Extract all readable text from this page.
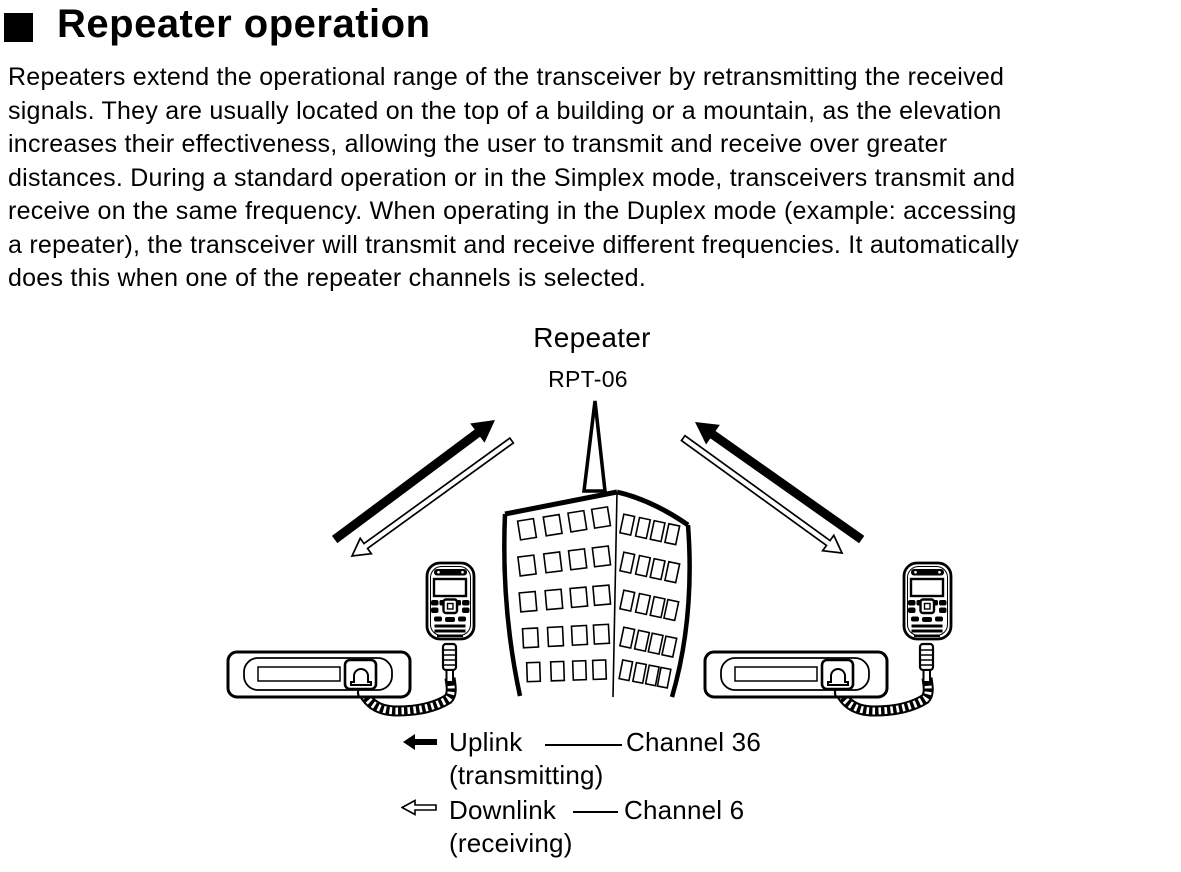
Repeater operation
Repeaters extend the operational range of the transceiver by retransmitting the received
signals. They are usually located on the top of a building or a mountain, as the elevation
increases their effectiveness, allowing the user to transmit and receive over greater
distances. During a standard operation or in the Simplex mode, transceivers transmit and
receive on the same frequency. When operating in the Duplex mode (example: accessing
a repeater), the transceiver will transmit and receive different frequencies. It automatically
does this when one of the repeater channels is selected.
Repeater
RPT-06
Uplink	Channel 36
(transmitting)
Downlink	Channel 6
(receiving)
